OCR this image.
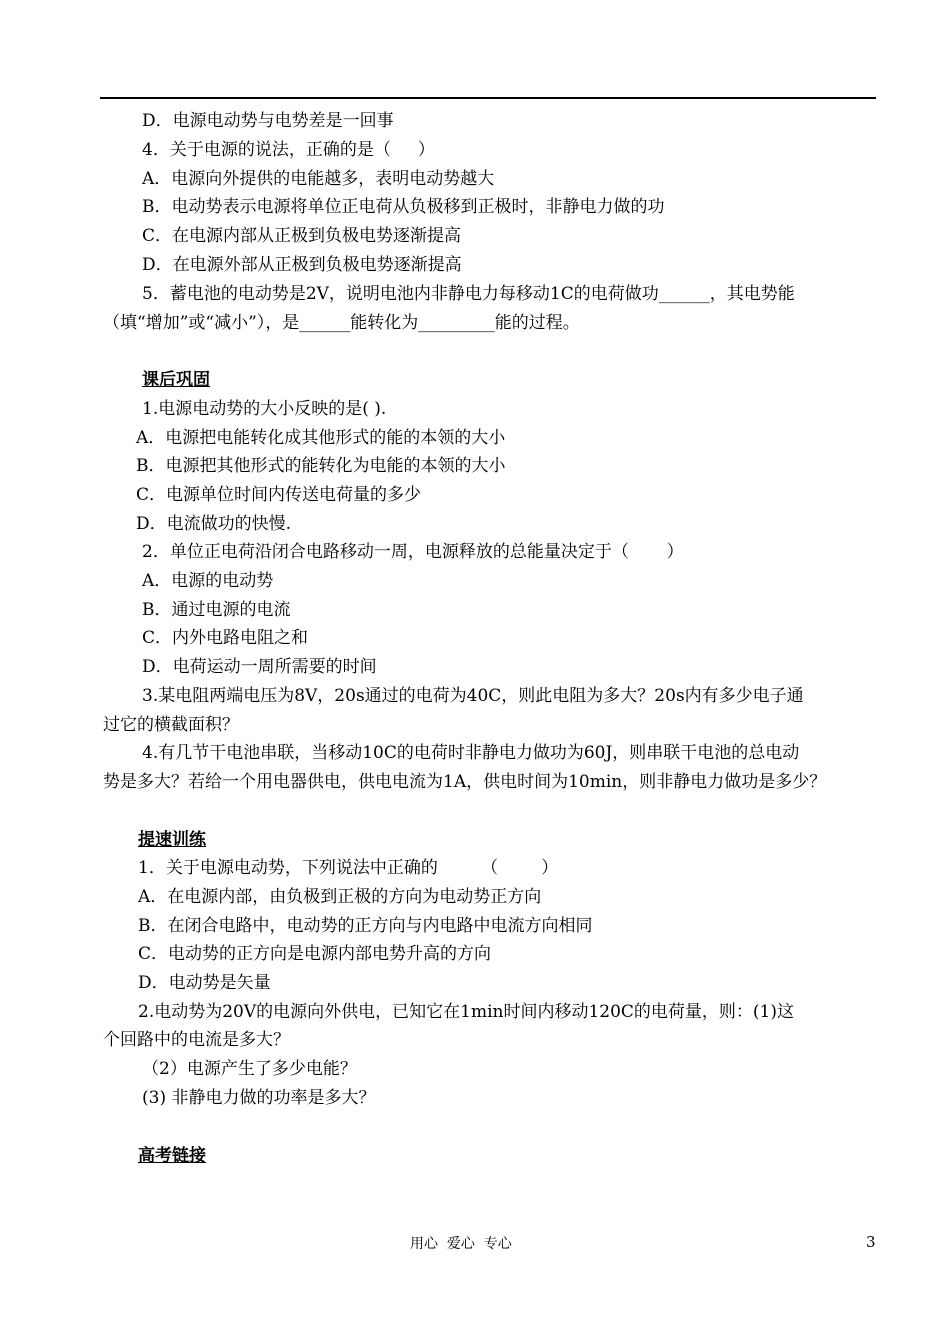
D．电源电动势与电势差是一回事
4．关于电源的说法，正确的是（     ）
A．电源向外提供的电能越多，表明电动势越大
B．电动势表示电源将单位正电荷从负极移到正极时，非静电力做的功
C．在电源内部从正极到负极电势逐渐提高
D．在电源外部从正极到负极电势逐渐提高
5．蓄电池的电动势是2V，说明电池内非静电力每移动1C的电荷做功______，其电势能
（填“增加”或“减小”），是______能转化为_________能的过程。
课后巩固
1.电源电动势的大小反映的是( ).
A．电源把电能转化成其他形式的能的本领的大小
B．电源把其他形式的能转化为电能的本领的大小
C．电源单位时间内传送电荷量的多少
D．电流做功的快慢.
2．单位正电荷沿闭合电路移动一周，电源释放的总能量决定于（       ）
A．电源的电动势
B．通过电源的电流
C．内外电路电阻之和
D．电荷运动一周所需要的时间
3.某电阻两端电压为8V，20s通过的电荷为40C，则此电阻为多大？20s内有多少电子通
过它的横截面积？
4.有几节干电池串联，当移动10C的电荷时非静电力做功为60J，则串联干电池的总电动
势是多大？若给一个用电器供电，供电电流为1A，供电时间为10min，则非静电力做功是多少？
提速训练
1．关于电源电动势，下列说法中正确的        （        ）
A．在电源内部，由负极到正极的方向为电动势正方向
B．在闭合电路中，电动势的正方向与内电路中电流方向相同
C．电动势的正方向是电源内部电势升高的方向
D．电动势是矢量
2.电动势为20V的电源向外供电，已知它在1min时间内移动120C的电荷量，则：(1)这
个回路中的电流是多大？
（2）电源产生了多少电能？
(3) 非静电力做的功率是多大？
高考链接
用心  爱心  专心	3
